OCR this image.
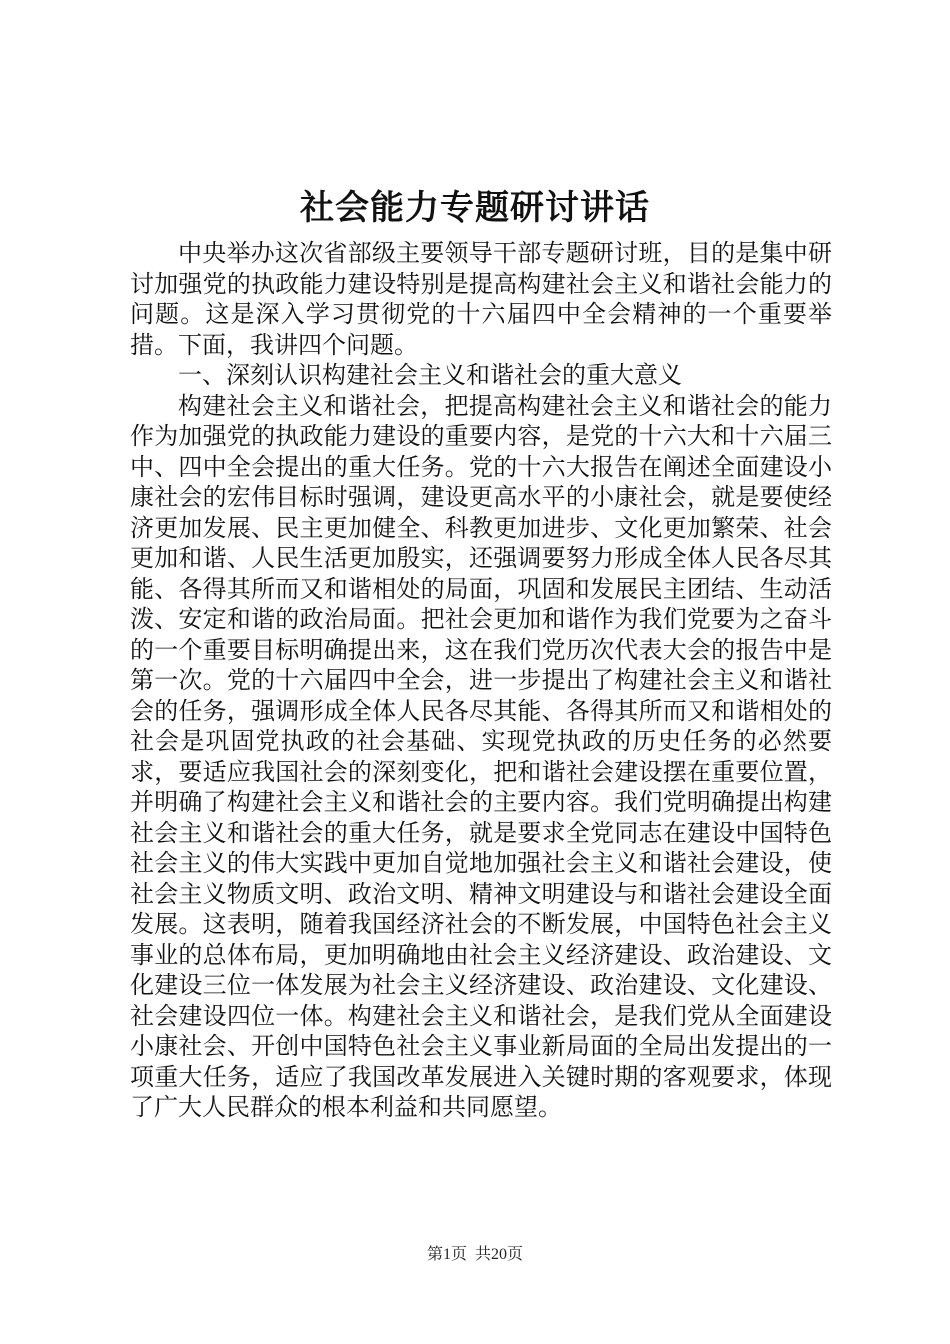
社会能力专题研讨讲话

中央举办这次省部级主要领导干部专题研讨班，目的是集中研讨加强党的执政能力建设特别是提高构建社会主义和谐社会能力的问题。这是深入学习贯彻党的十六届四中全会精神的一个重要举措。下面，我讲四个问题。

一、深刻认识构建社会主义和谐社会的重大意义

构建社会主义和谐社会，把提高构建社会主义和谐社会的能力作为加强党的执政能力建设的重要内容，是党的十六大和十六届三中、四中全会提出的重大任务。党的十六大报告在阐述全面建设小康社会的宏伟目标时强调，建设更高水平的小康社会，就是要使经济更加发展、民主更加健全、科教更加进步、文化更加繁荣、社会更加和谐、人民生活更加殷实，还强调要努力形成全体人民各尽其能、各得其所而又和谐相处的局面，巩固和发展民主团结、生动活泼、安定和谐的政治局面。把社会更加和谐作为我们党要为之奋斗的一个重要目标明确提出来，这在我们党历次代表大会的报告中是第一次。党的十六届四中全会，进一步提出了构建社会主义和谐社会的任务，强调形成全体人民各尽其能、各得其所而又和谐相处的社会是巩固党执政的社会基础、实现党执政的历史任务的必然要求，要适应我国社会的深刻变化，把和谐社会建设摆在重要位置，并明确了构建社会主义和谐社会的主要内容。我们党明确提出构建社会主义和谐社会的重大任务，就是要求全党同志在建设中国特色社会主义的伟大实践中更加自觉地加强社会主义和谐社会建设，使社会主义物质文明、政治文明、精神文明建设与和谐社会建设全面发展。这表明，随着我国经济社会的不断发展，中国特色社会主义事业的总体布局，更加明确地由社会主义经济建设、政治建设、文化建设三位一体发展为社会主义经济建设、政治建设、文化建设、社会建设四位一体。构建社会主义和谐社会，是我们党从全面建设小康社会、开创中国特色社会主义事业新局面的全局出发提出的一项重大任务，适应了我国改革发展进入关键时期的客观要求，体现了广大人民群众的根本利益和共同愿望。

第1页 共20页
